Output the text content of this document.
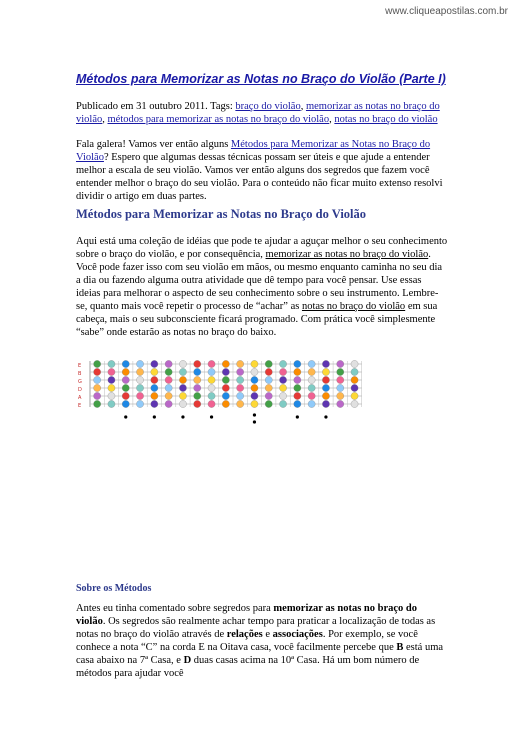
www.cliqueapostilas.com.br
Métodos para Memorizar as Notas no Braço do Violão (Parte I)
Publicado em 31 outubro 2011. Tags: braço do violão, memorizar as notas no braço do violão, métodos para memorizar as notas no braço do violão, notas no braço do violão
Fala galera! Vamos ver então alguns Métodos para Memorizar as Notas no Braço do Violão? Espero que algumas dessas técnicas possam ser úteis e que ajude a entender melhor a escala de seu violão. Vamos ver então alguns dos segredos que fazem você entender melhor o braço do seu violão. Para o conteúdo não ficar muito extenso resolvi dividir o artigo em duas partes.
Métodos para Memorizar as Notas no Braço do Violão
Aqui está uma coleção de idéias que pode te ajudar a aguçar melhor o seu conhecimento sobre o braço do violão, e por consequência, memorizar as notas no braço do violão. Você pode fazer isso com seu violão em mãos, ou mesmo enquanto caminha no seu dia a dia ou fazendo alguma outra atividade que dê tempo para você pensar. Use essas ideias para melhorar o aspecto de seu conhecimento sobre o seu instrumento. Lembre-se, quanto mais você repetir o processo de “achar” as notas no braço do violão em sua cabeça, mais o seu subconsciente ficará programado. Com prática você simplesmente “sabe” onde estarão as notas no braço do baixo.
E
B
G
D
A
E
Sobre os Métodos
Antes eu tinha comentado sobre segredos para memorizar as notas no braço do violão. Os segredos são realmente achar tempo para praticar a localização de todas as notas no braço do violão através de relações e associações. Por exemplo, se você conhece a nota “C” na corda E na Oitava casa, você facilmente percebe que B está uma casa abaixo na 7ª Casa, e D duas casas acima na 10ª Casa. Há um bom número de métodos para ajudar você
